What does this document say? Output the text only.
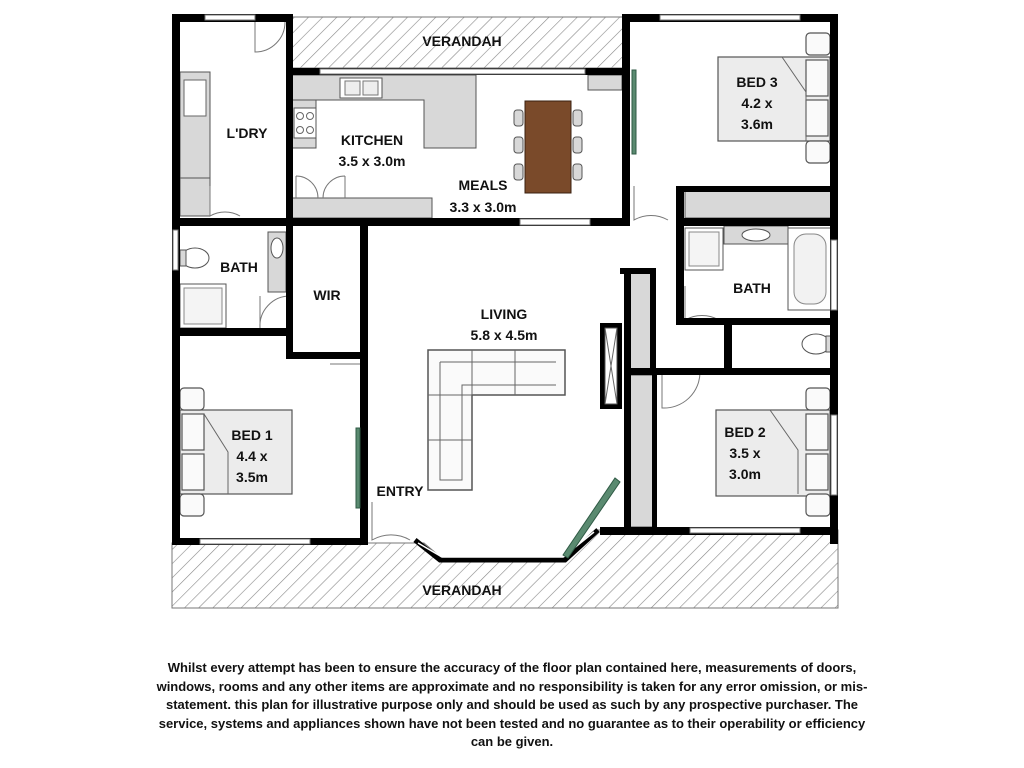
VERANDAH
L'DRY	KITCHEN
3.5 x 3.0m
MEALS
3.3 x 3.0m
BED 3
4.2 x
3.6m
BATH
BATH
WIR
LIVING
5.8 x 4.5m
BED 1
4.4 x
3.5m
BED 2
3.5 x
3.0m
ENTRY
VERANDAH

Whilst every attempt has been to ensure the accuracy of the floor plan contained here, measurements of doors, windows, rooms and any other items are approximate and no responsibility is taken for any error omission, or mis-statement. this plan for illustrative purpose only and should be used as such by any prospective purchaser. The service, systems and appliances shown have not been tested and no guarantee as to their operability or efficiency can be given.
